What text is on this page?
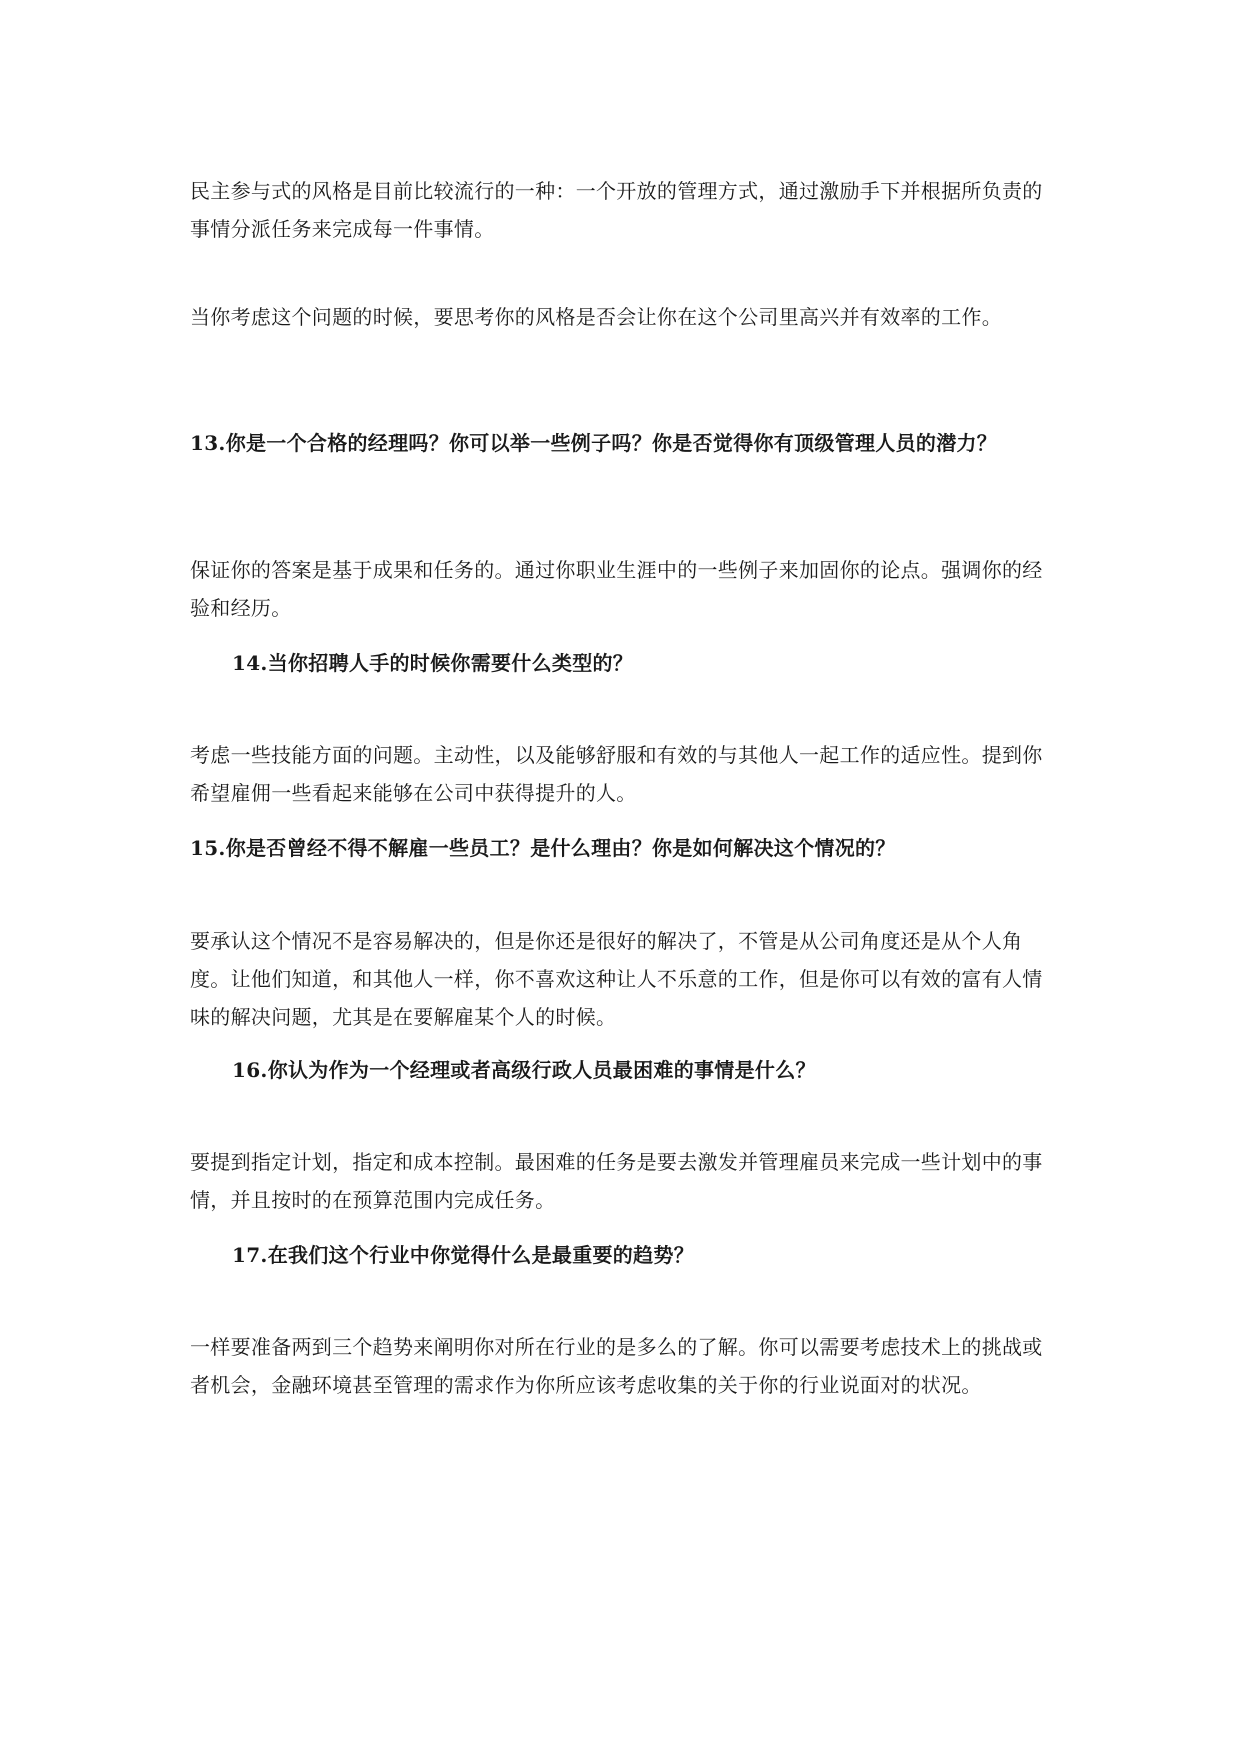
民主参与式的风格是目前比较流行的一种：一个开放的管理方式，通过激励手下并根据所负责的事情分派任务来完成每一件事情。

当你考虑这个问题的时候，要思考你的风格是否会让你在这个公司里高兴并有效率的工作。

13.你是一个合格的经理吗？你可以举一些例子吗？你是否觉得你有顶级管理人员的潜力？

保证你的答案是基于成果和任务的。通过你职业生涯中的一些例子来加固你的论点。强调你的经验和经历。

14.当你招聘人手的时候你需要什么类型的？

考虑一些技能方面的问题。主动性，以及能够舒服和有效的与其他人一起工作的适应性。提到你希望雇佣一些看起来能够在公司中获得提升的人。

15.你是否曾经不得不解雇一些员工？是什么理由？你是如何解决这个情况的？

要承认这个情况不是容易解决的，但是你还是很好的解决了，不管是从公司角度还是从个人角度。让他们知道，和其他人一样，你不喜欢这种让人不乐意的工作，但是你可以有效的富有人情味的解决问题，尤其是在要解雇某个人的时候。

16.你认为作为一个经理或者高级行政人员最困难的事情是什么？

要提到指定计划，指定和成本控制。最困难的任务是要去激发并管理雇员来完成一些计划中的事情，并且按时的在预算范围内完成任务。

17.在我们这个行业中你觉得什么是最重要的趋势？

一样要准备两到三个趋势来阐明你对所在行业的是多么的了解。你可以需要考虑技术上的挑战或者机会，金融环境甚至管理的需求作为你所应该考虑收集的关于你的行业说面对的状况。
